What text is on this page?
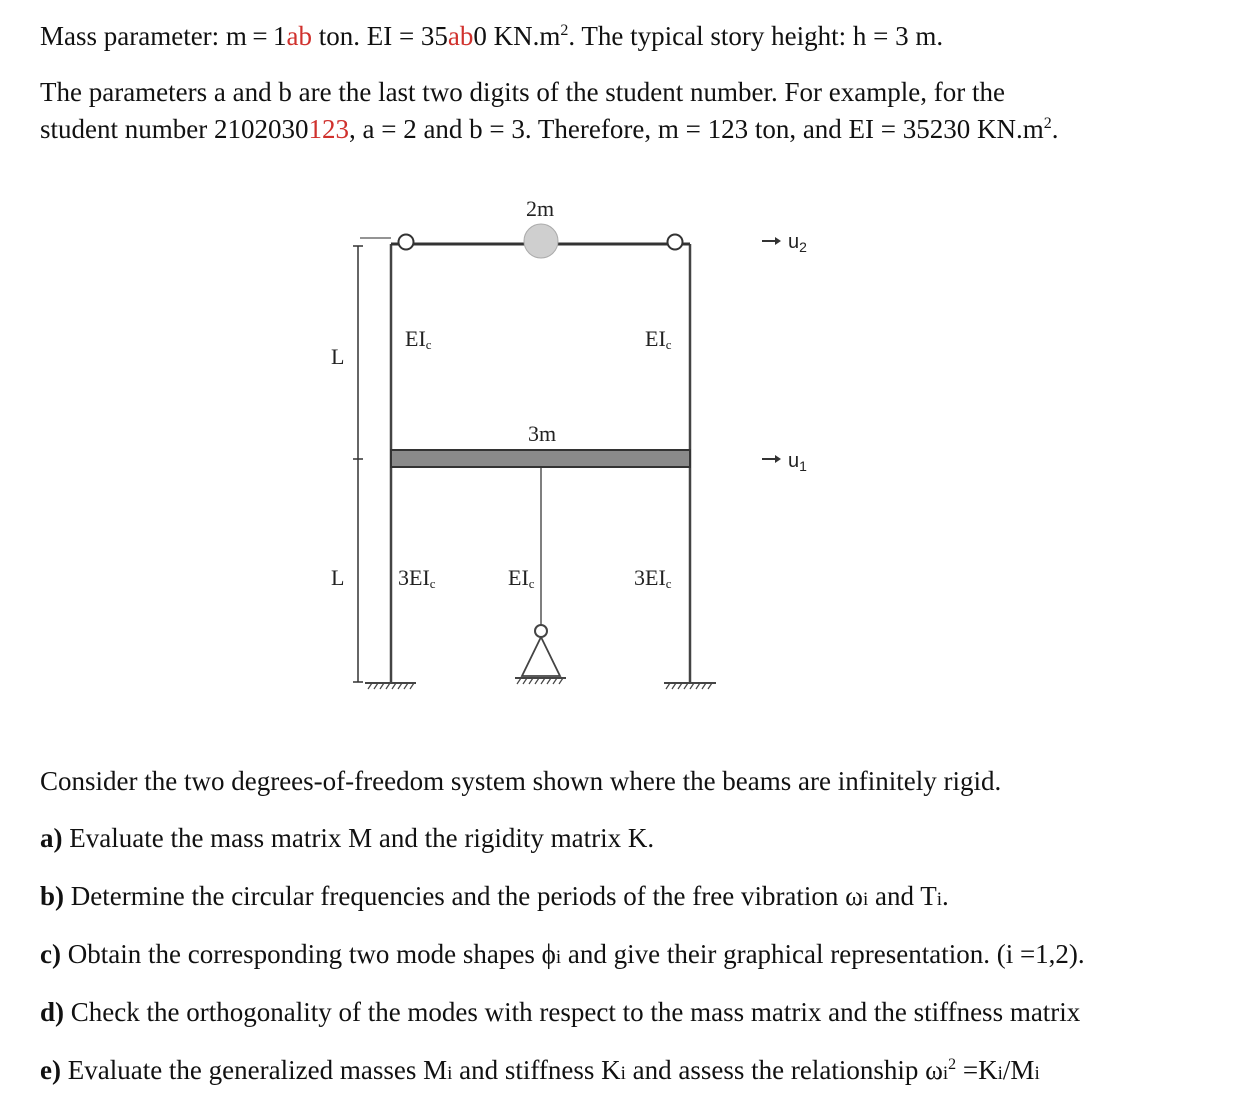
Mass parameter: m = 1ab ton. EI = 35ab0 $KN.m^2$. The typical story height: h = 3 m.
The parameters a and b are the last two digits of the student number. For example, for the
student number 2102030123, a = 2 and b = 3. Therefore, m = 123 ton, and EI = 35230 $KN.m^2$.
L
L
2m
3m
$u_2$
$u_1$
EIc	EIc
3EIc	EIc	3EIc
Consider the two degrees-of-freedom system shown where the beams are infinitely rigid.
a) Evaluate the mass matrix M and the rigidity matrix K.
b) Determine the circular frequencies and the periods of the free vibration ωi and Ti.
c) Obtain the corresponding two mode shapes ϕi and give their graphical representation. (i =1,2).
d) Check the orthogonality of the modes with respect to the mass matrix and the stiffness matrix
e) Evaluate the generalized masses Mi and stiffness Ki and assess the relationship $\omega i^2 =Ki/Mi$
